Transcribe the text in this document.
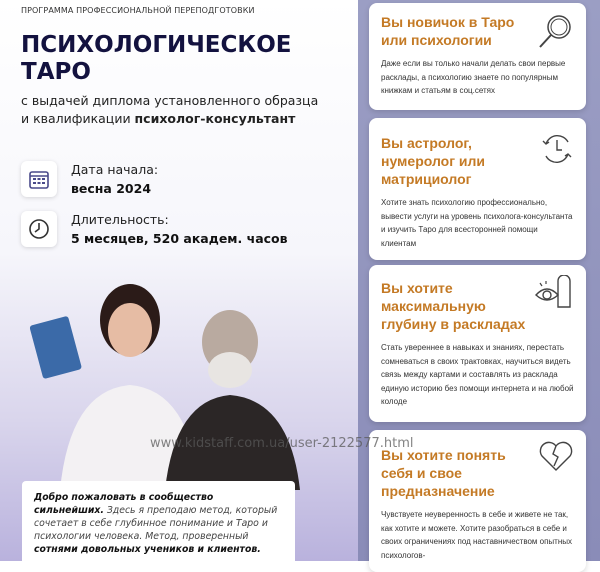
ПРОГРАММА ПРОФЕССИОНАЛЬНОЙ ПЕРЕПОДГОТОВКИ
ПСИХОЛОГИЧЕСКОЕ
ТАРО
с выдачей диплома установленного образца и квалификации психолог-консультант
Дата начала:
весна 2024
Длительность:
5 месяцев, 520 академ. часов
Добро пожаловать в сообщество сильнейших. Здесь я преподаю метод, который сочетает в себе глубинное понимание и Таро и психологии человека. Метод, проверенный сотнями довольных учеников и клиентов.
Вы новичок в Таро или психологии
Даже если вы только начали делать свои первые расклады, а психологию знаете по популярным книжкам и статьям в соц.сетях
Вы астролог, нумеролог или матрициолог
Хотите знать психологию профессионально, вывести услуги на уровень психолога-консультанта и изучить Таро для всесторонней помощи клиентам
Вы хотите максимальную глубину в раскладах
Стать увереннее в навыках и знаниях, перестать сомневаться в своих трактовках, научиться видеть связь между картами и составлять из расклада единую историю без помощи интернета и на любой колоде
Вы хотите понять себя и свое предназначение
Чувствуете неуверенность в себе и живете не так, как хотите и можете. Хотите разобраться в себе и своих ограничениях под наставничеством опытных психологов-
www.kidstaff.com.ua/user-2122577.html
